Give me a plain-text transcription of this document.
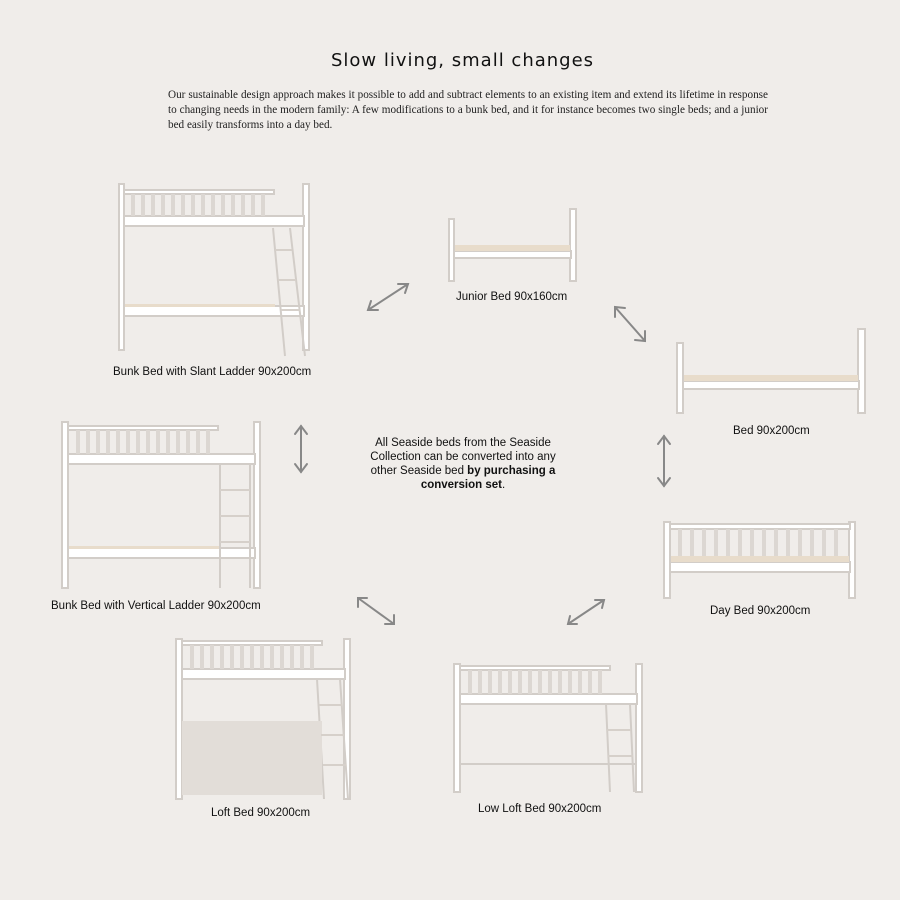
Slow living, small changes
Our sustainable design approach makes it possible to add and subtract elements to an existing item and extend its lifetime in response to changing needs in the modern family: A few modifications to a bunk bed, and it for instance becomes two single beds; and a junior bed easily transforms into a day bed.
Bunk Bed with Slant Ladder 90x200cm
Junior Bed 90x160cm
Bed 90x200cm
Bunk Bed with Vertical Ladder 90x200cm
All Seaside beds from the Seaside Collection can be converted into any other Seaside bed by purchasing a conversion set.
Day Bed 90x200cm
Loft Bed 90x200cm	Low Loft Bed 90x200cm
